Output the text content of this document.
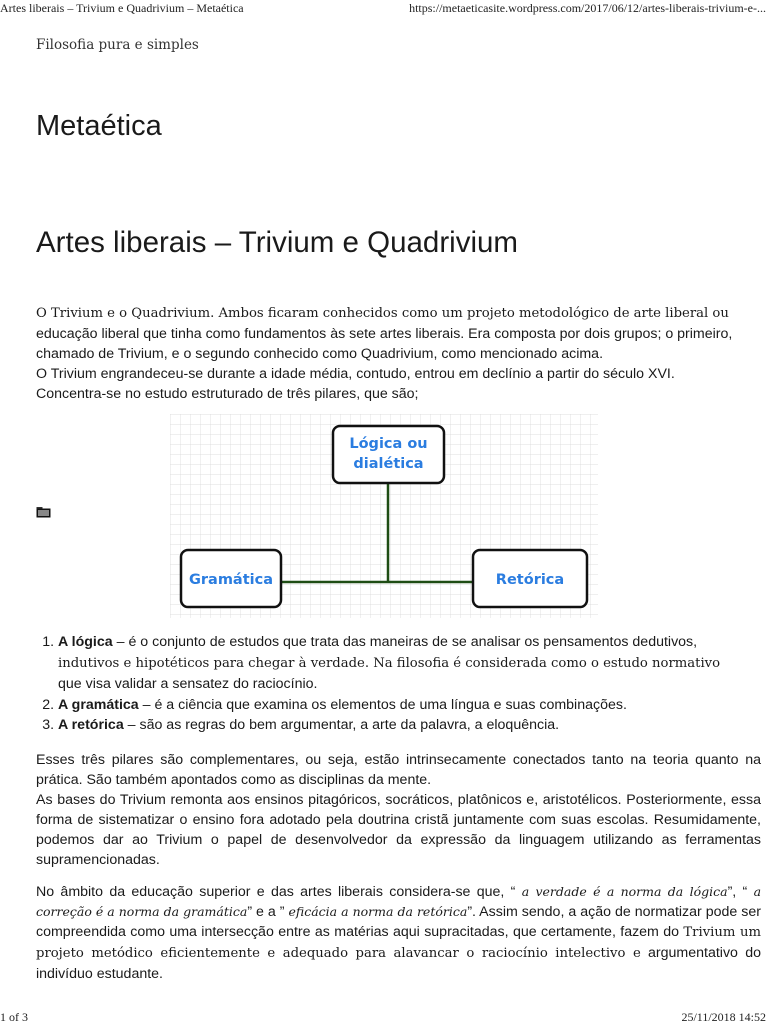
Artes liberais – Trivium e Quadrivium – Metaética	https://metaeticasite.wordpress.com/2017/06/12/artes-liberais-trivium-e-...
Filosofia pura e simples
Metaética
Artes liberais – Trivium e Quadrivium
O Trivium e o Quadrivium. Ambos ficaram conhecidos como um projeto metodológico de arte liberal ou educação liberal que tinha como fundamentos às sete artes liberais. Era composta por dois grupos; o primeiro, chamado de Trivium, e o segundo conhecido como Quadrivium, como mencionado acima.
O Trivium engrandeceu-se durante a idade média, contudo, entrou em declínio a partir do século XVI.
Concentra-se no estudo estruturado de três pilares, que são;
Lógica ou
dialética
Gramática	Retórica
1. A lógica – é o conjunto de estudos que trata das maneiras de se analisar os pensamentos dedutivos,
indutivos e hipotéticos para chegar à verdade. Na filosofia é considerada como o estudo normativo
que visa validar a sensatez do raciocínio.
2. A gramática – é a ciência que examina os elementos de uma língua e suas combinações.
3. A retórica – são as regras do bem argumentar, a arte da palavra, a eloquência.
Esses três pilares são complementares, ou seja, estão intrinsecamente conectados tanto na teoria quanto na prática. São também apontados como as disciplinas da mente.
As bases do Trivium remonta aos ensinos pitagóricos, socráticos, platônicos e, aristotélicos. Posteriormente, essa forma de sistematizar o ensino fora adotado pela doutrina cristã juntamente com suas escolas. Resumidamente, podemos dar ao Trivium o papel de desenvolvedor da expressão da linguagem utilizando as ferramentas supramencionadas.
No âmbito da educação superior e das artes liberais considera-se que, “ a verdade é a norma da lógica”, “ a correção é a norma da gramática” e a ” eficácia a norma da retórica”. Assim sendo, a ação de normatizar pode ser compreendida como uma intersecção entre as matérias aqui supracitadas, que certamente, fazem do Trivium um projeto metódico eficientemente e adequado para alavancar o raciocínio intelectivo e argumentativo do indivíduo estudante.
1 of 3	25/11/2018 14:52
